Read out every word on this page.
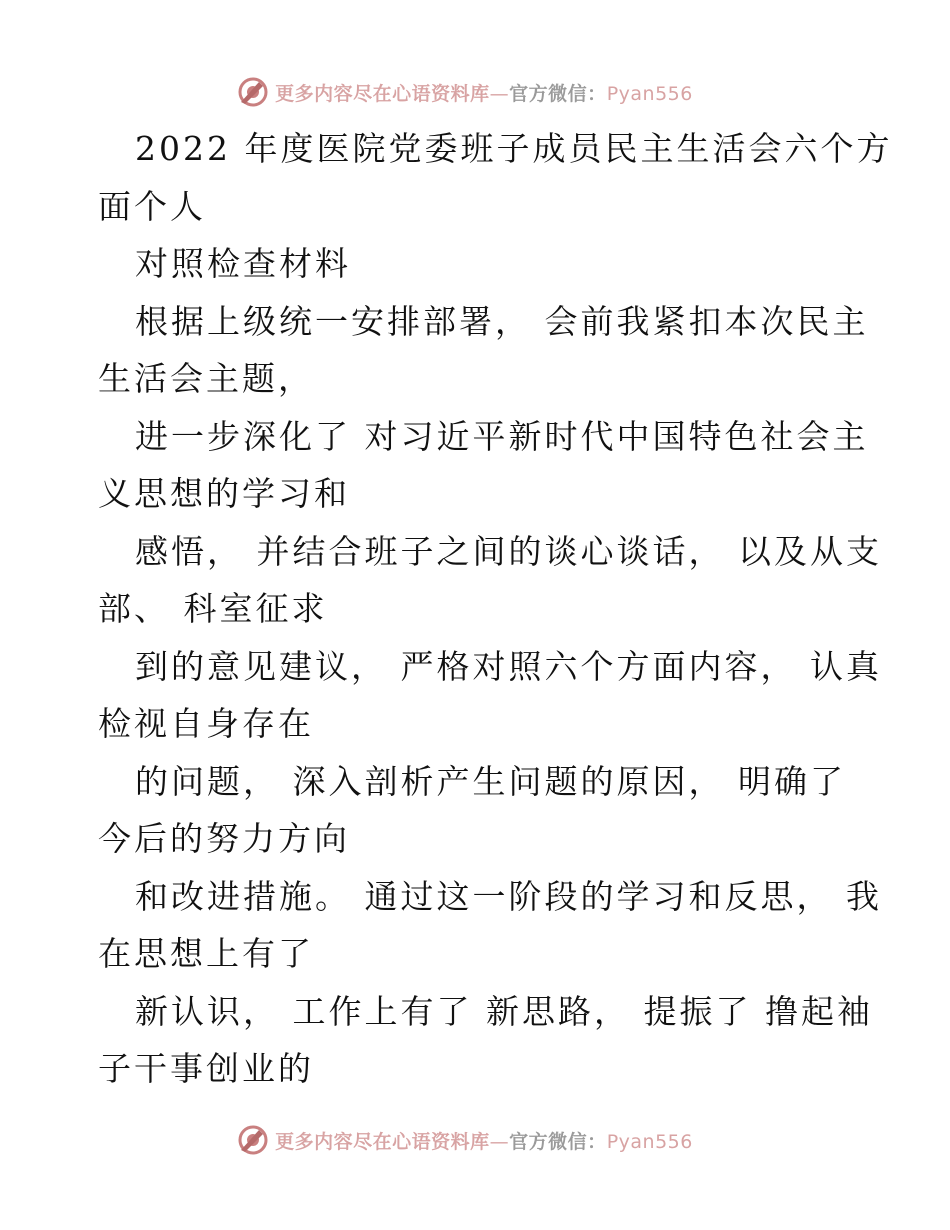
更多内容尽在心语资料库—官方微信：Pyan556
2022 年度医院党委班子成员民主生活会六个方
面个人
对照检查材料
根据上级统一安排部署， 会前我紧扣本次民主
生活会主题，
进一步深化了 对习近平新时代中国特色社会主
义思想的学习和
感悟， 并结合班子之间的谈心谈话， 以及从支
部、 科室征求
到的意见建议， 严格对照六个方面内容， 认真
检视自身存在
的问题， 深入剖析产生问题的原因， 明确了
今后的努力方向
和改进措施。 通过这一阶段的学习和反思， 我
在思想上有了
新认识， 工作上有了 新思路， 提振了 撸起袖
子干事创业的
更多内容尽在心语资料库—官方微信：Pyan556
